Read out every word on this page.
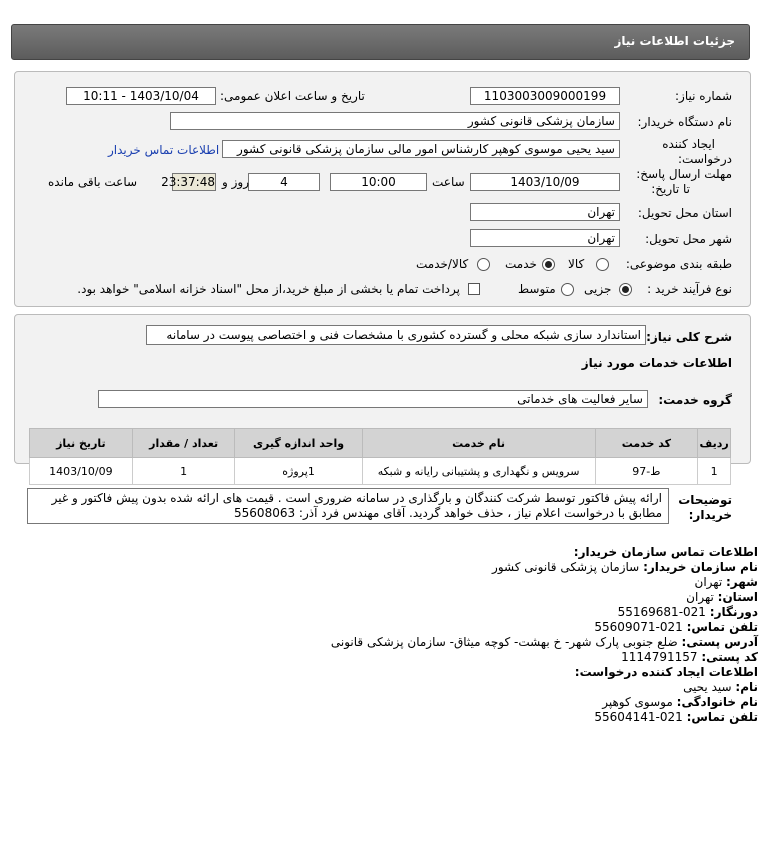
جزئیات اطلاعات نیاز
شماره نیاز:
1103003009000199
تاریخ و ساعت اعلان عمومی:
1403/10/04 - 10:11
نام دستگاه خریدار:
سازمان پزشکی قانونی کشور
ایجاد کننده
درخواست:
سید یحیی موسوی کوهپر کارشناس امور مالی سازمان پزشکی قانونی کشور
اطلاعات تماس خریدار
مهلت ارسال پاسخ:
تا تاریخ:
1403/10/09
ساعت
10:00
4
روز و
23:37:48
ساعت باقی مانده
استان محل تحویل:
تهران
شهر محل تحویل:
تهران
طبقه بندی موضوعی:
کالا
خدمت
کالا/خدمت
نوع فرآیند خرید :
جزیی
متوسط
پرداخت تمام یا بخشی از مبلغ خرید،از محل "اسناد خزانه اسلامی" خواهد بود.
شرح کلی نیاز:
استاندارد سازی شبکه محلی و گسترده کشوری با مشخصات فنی و اختصاصی پیوست در سامانه
اطلاعات خدمات مورد نیاز
گروه خدمت:
سایر فعالیت های خدماتی
ردیف	کد خدمت	نام خدمت	واحد اندازه گیری	تعداد / مقدار	تاریخ نیاز
1	ط-97	سرویس و نگهداری و پشتیبانی رایانه و شبکه	1پروژه	1	1403/10/09
توضیحات
خریدار:
ارائه پیش فاکتور توسط شرکت کنندگان و بارگذاری در سامانه ضروری است . قیمت های ارائه شده بدون پیش فاکتور و غیر
مطابق با درخواست اعلام نیاز ، حذف خواهد گردید. آقای مهندس فرد آذر: 55608063
اطلاعات تماس سازمان خریدار:
نام سازمان خریدار: سازمان پزشکی قانونی کشور
شهر: تهران
استان: تهران
دورنگار: 021-55169681
تلفن تماس: 021-55609071
آدرس پستی: ضلع جنوبی پارک شهر- خ بهشت- کوچه میثاق- سازمان پزشکی قانونی
کد پستی: 1114791157
اطلاعات ایجاد کننده درخواست:
نام: سید یحیی
نام خانوادگی: موسوی کوهپر
تلفن تماس: 021-55604141
